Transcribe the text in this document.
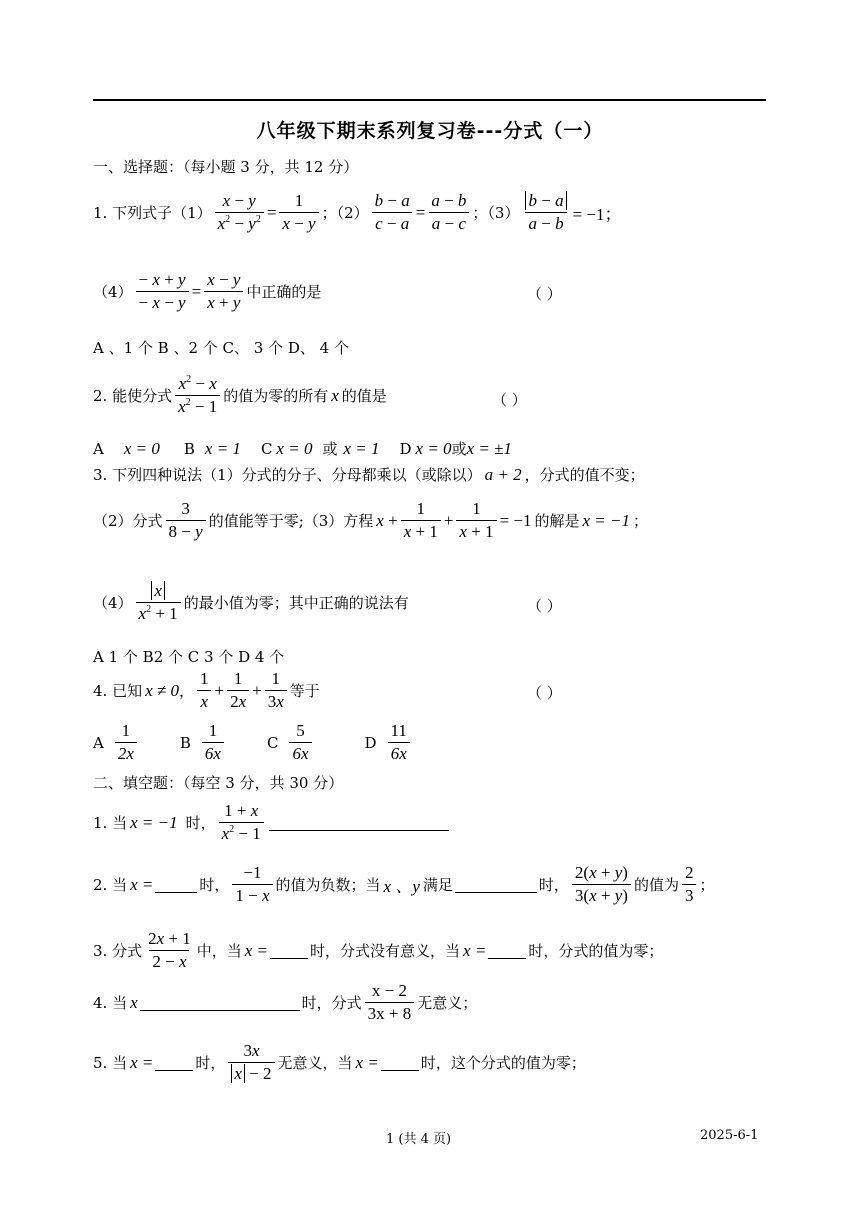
八年级下期末系列复习卷---分式（一）
一、选择题：（每小题 3 分，共 12 分）
1. 下列式子$(1) \frac{x - y}{x^2 - y^2} = \frac{1}{x - y}$ ；$(2) \frac{b - a}{c - a} = \frac{a - b}{a - c}$ ；$(3) \frac{b - a}{a - b} = -1$；
$(4) \frac{- x + y}{- x - y} = \frac{x - y}{x + y}$ 中正确的是	（ ）
A 、1 个 B 、2 个 C、 3 个 D、 4 个
2. 能使分式 $\frac{x^2 - x}{x^2 - 1}$ 的值为零的所有 x 的值是	（ ）
A x = 0 B x = 1 C x = 0 或 x = 1 D x = 0 或 x = ±1
3. 下列四种说法（1）分式的分子、分母都乘以（或除以） a + 2 ，分式的值不变；
（2）分式 $\frac{3}{8 - y}$ 的值能等于零;（3）方程 $x + \frac{1}{x + 1} + \frac{1}{x + 1} = -1$ 的解是 x = −1 ；
$(4) \frac{x}{x^2 + 1}$ 的最小值为零；其中正确的说法有	（ ）
A 1 个 B2 个 C 3 个 D 4 个
4. 已知 x ≠ 0 ， $\frac{1}{x} + \frac{1}{2x} + \frac{1}{3x}$ 等于	（ ）
A $\frac{1}{2x}$	B $\frac{1}{6x}$	C $\frac{5}{6x}$	D $\frac{11}{6x}$
二、填空题：（每空 3 分，共 30 分）
1. 当 x = −1 时， $\frac{1 + x}{x^2 - 1}$
2. 当 x =	时， $\frac{-1}{1 - x}$ 的值为负数；当 x 、y 满足	时， $\frac{2(x + y)}{3(x + y)}$ 的值为 $\frac{2}{3}$ ；
3. 分式 $\frac{2x + 1}{2 - x}$ 中，当 x =	时，分式没有意义，当 x =	时，分式的值为零；
4. 当 x	时，分式 $\frac{x - 2}{3x + 8}$ 无意义；
5. 当 x =	时， $\frac{3x}{x - 2}$ 无意义，当 x =	时，这个分式的值为零；
1 (共 4 页)	2025-6-1
